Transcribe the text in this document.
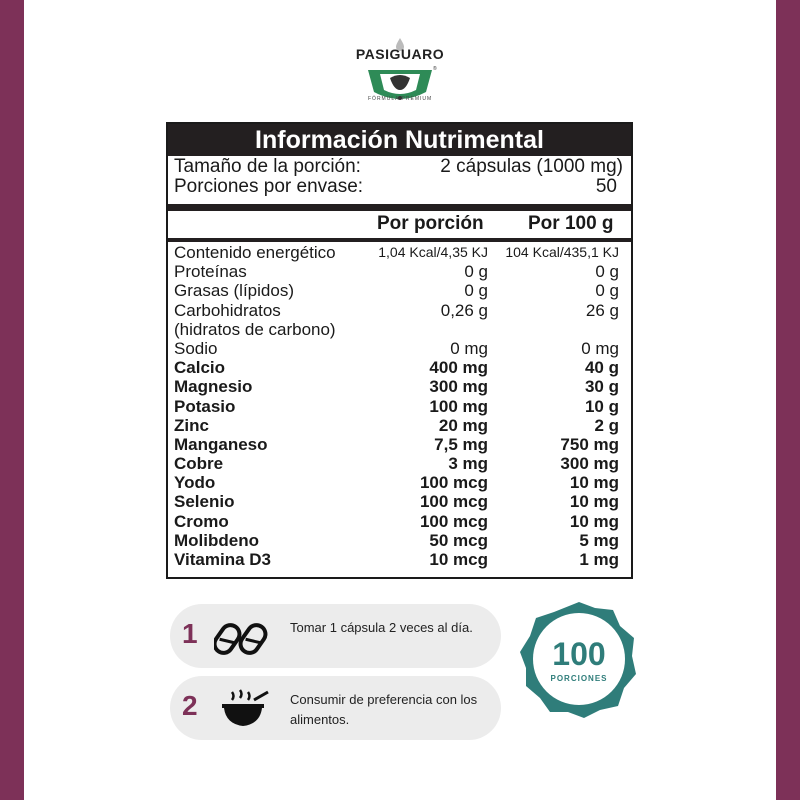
®
PASIGUARO
FÓRMULA PREMIUM
Información Nutrimental
Tamaño de la porción:	2 cápsulas (1000 mg)
Porciones por envase:	50
Por porción Por 100 g
Contenido energético	1,04 Kcal/4,35 KJ 104 Kcal/435,1 KJ
Proteínas	0 g	0 g
Grasas (lípidos)	0 g	0 g
Carbohidratos	0,26 g	26 g
(hidratos de carbono)
Sodio	0 mg	0 mg
Calcio	400 mg	40 g
Magnesio	300 mg	30 g
Potasio	100 mg	10 g
Zinc	20 mg	2 g
Manganeso	7,5 mg	750 mg
Cobre	3 mg	300 mg
Yodo	100 mcg	10 mg
Selenio	100 mcg	10 mg
Cromo	100 mcg	10 mg
Molibdeno	50 mcg	5 mg
Vitamina D3	10 mcg	1 mg
1	Tomar 1 cápsula 2 veces al día.
2	Consumir de preferencia con los alimentos.
100
PORCIONES
